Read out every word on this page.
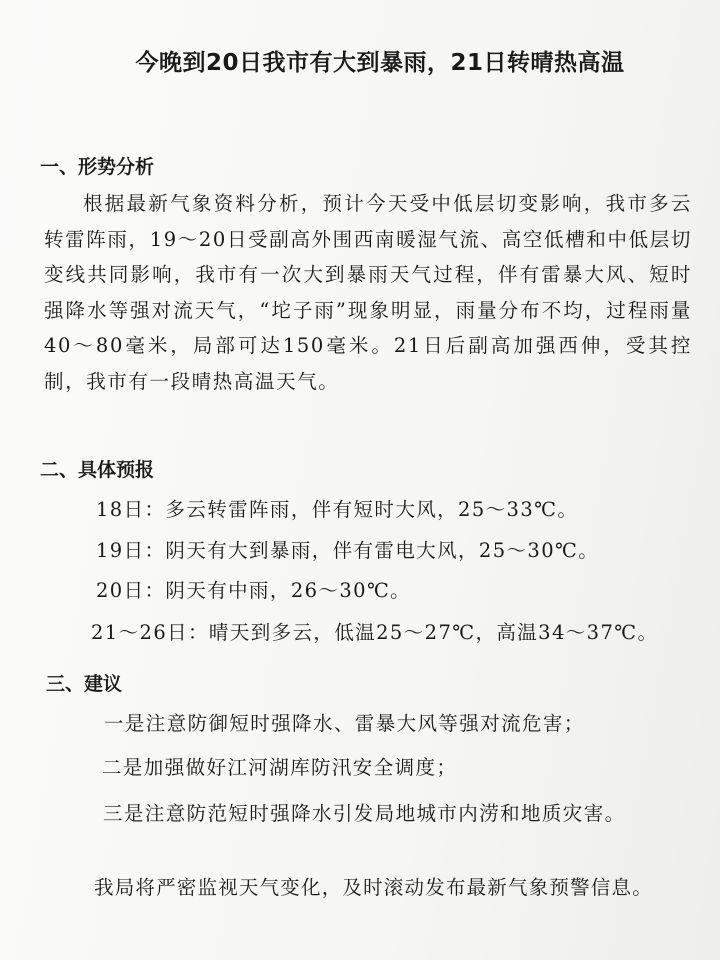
今晚到20日我市有大到暴雨，21日转晴热高温
一、形势分析
根据最新气象资料分析，预计今天受中低层切变影响，我市多云转雷阵雨，19～20日受副高外围西南暖湿气流、高空低槽和中低层切变线共同影响，我市有一次大到暴雨天气过程，伴有雷暴大风、短时强降水等强对流天气，“坨子雨”现象明显，雨量分布不均，过程雨量40～80毫米，局部可达150毫米。21日后副高加强西伸，受其控制，我市有一段晴热高温天气。
二、具体预报
18日：多云转雷阵雨，伴有短时大风，25～33℃。
19日：阴天有大到暴雨，伴有雷电大风，25～30℃。
20日：阴天有中雨，26～30℃。
21～26日：晴天到多云，低温25～27℃，高温34～37℃。
三、建议
一是注意防御短时强降水、雷暴大风等强对流危害；
二是加强做好江河湖库防汛安全调度；
三是注意防范短时强降水引发局地城市内涝和地质灾害。
我局将严密监视天气变化，及时滚动发布最新气象预警信息。
